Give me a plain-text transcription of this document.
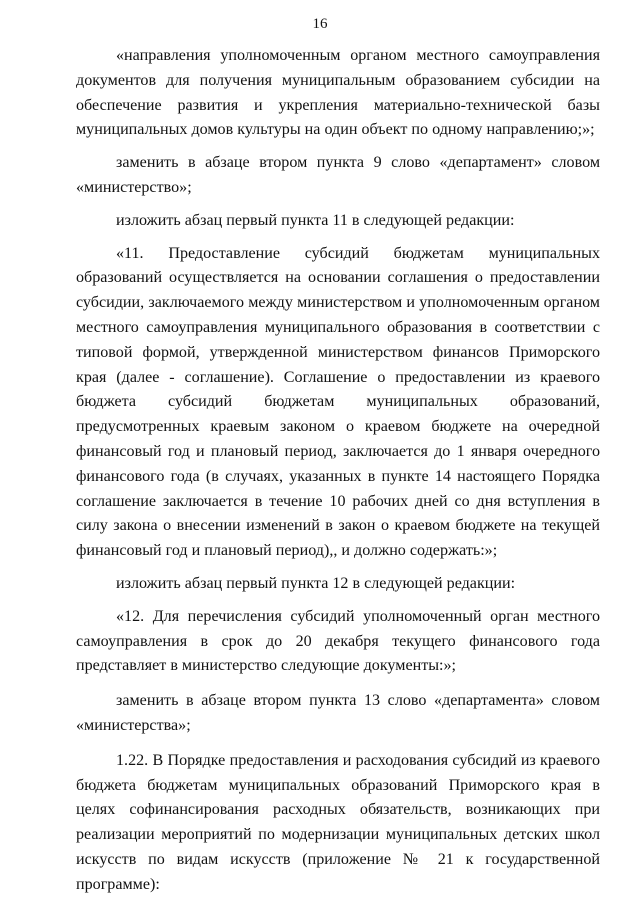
16

«направления уполномоченным органом местного самоуправления документов для получения муниципальным образованием субсидии на обеспечение развития и укрепления материально-технической базы муниципальных домов культуры на один объект по одному направлению;»;

заменить в абзаце втором пункта 9 слово «департамент» словом «министерство»;

изложить абзац первый пункта 11 в следующей редакции:

«11. Предоставление субсидий бюджетам муниципальных образований осуществляется на основании соглашения о предоставлении субсидии, заключаемого между министерством и уполномоченным органом местного самоуправления муниципального образования в соответствии с типовой формой, утвержденной министерством финансов Приморского края (далее - соглашение). Соглашение о предоставлении из краевого бюджета субсидий бюджетам муниципальных образований, предусмотренных краевым законом о краевом бюджете на очередной финансовый год и плановый период, заключается до 1 января очередного финансового года (в случаях, указанных в пункте 14 настоящего Порядка соглашение заключается в течение 10 рабочих дней со дня вступления в силу закона о внесении изменений в закон о краевом бюджете на текущей финансовый год и плановый период),, и должно содержать:»;

изложить абзац первый пункта 12 в следующей редакции:

«12. Для перечисления субсидий уполномоченный орган местного самоуправления в срок до 20 декабря текущего финансового года представляет в министерство следующие документы:»;

заменить в абзаце втором пункта 13 слово «департамента» словом «министерства»;

1.22. В Порядке предоставления и расходования субсидий из краевого бюджета бюджетам муниципальных образований Приморского края в целях софинансирования расходных обязательств, возникающих при реализации мероприятий по модернизации муниципальных детских школ искусств по видам искусств (приложение № 21 к государственной программе):
